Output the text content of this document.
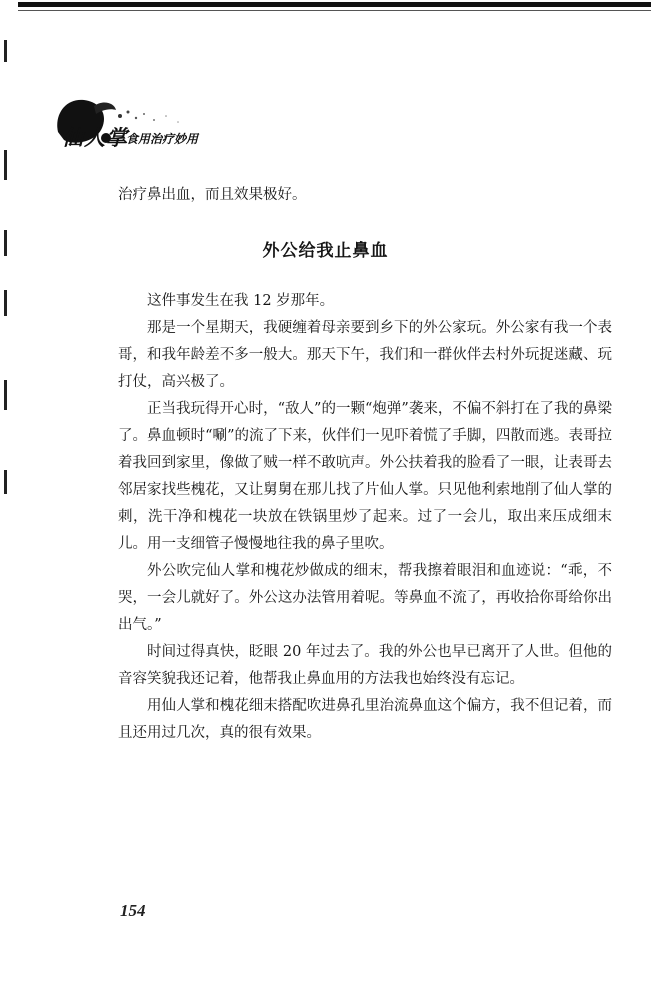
仙人掌
食用治疗妙用
治疗鼻出血，而且效果极好。
外公给我止鼻血

这件事发生在我 12 岁那年。

那是一个星期天，我硬缠着母亲要到乡下的外公家玩。外公家有我一个表哥，和我年龄差不多一般大。那天下午，我们和一群伙伴去村外玩捉迷藏、玩打仗，高兴极了。

正当我玩得开心时，“敌人”的一颗“炮弹”袭来，不偏不斜打在了我的鼻梁了。鼻血顿时“唰”的流了下来，伙伴们一见吓着慌了手脚，四散而逃。表哥拉着我回到家里，像做了贼一样不敢吭声。外公扶着我的脸看了一眼，让表哥去邻居家找些槐花，又让舅舅在那儿找了片仙人掌。只见他利索地削了仙人掌的刺，洗干净和槐花一块放在铁锅里炒了起来。过了一会儿，取出来压成细末儿。用一支细管子慢慢地往我的鼻子里吹。

外公吹完仙人掌和槐花炒做成的细末，帮我擦着眼泪和血迹说：“乖，不哭，一会儿就好了。外公这办法管用着呢。等鼻血不流了，再收拾你哥给你出出气。”

时间过得真快，眨眼 20 年过去了。我的外公也早已离开了人世。但他的音容笑貌我还记着，他帮我止鼻血用的方法我也始终没有忘记。

用仙人掌和槐花细末搭配吹进鼻孔里治流鼻血这个偏方，我不但记着，而且还用过几次，真的很有效果。

154
